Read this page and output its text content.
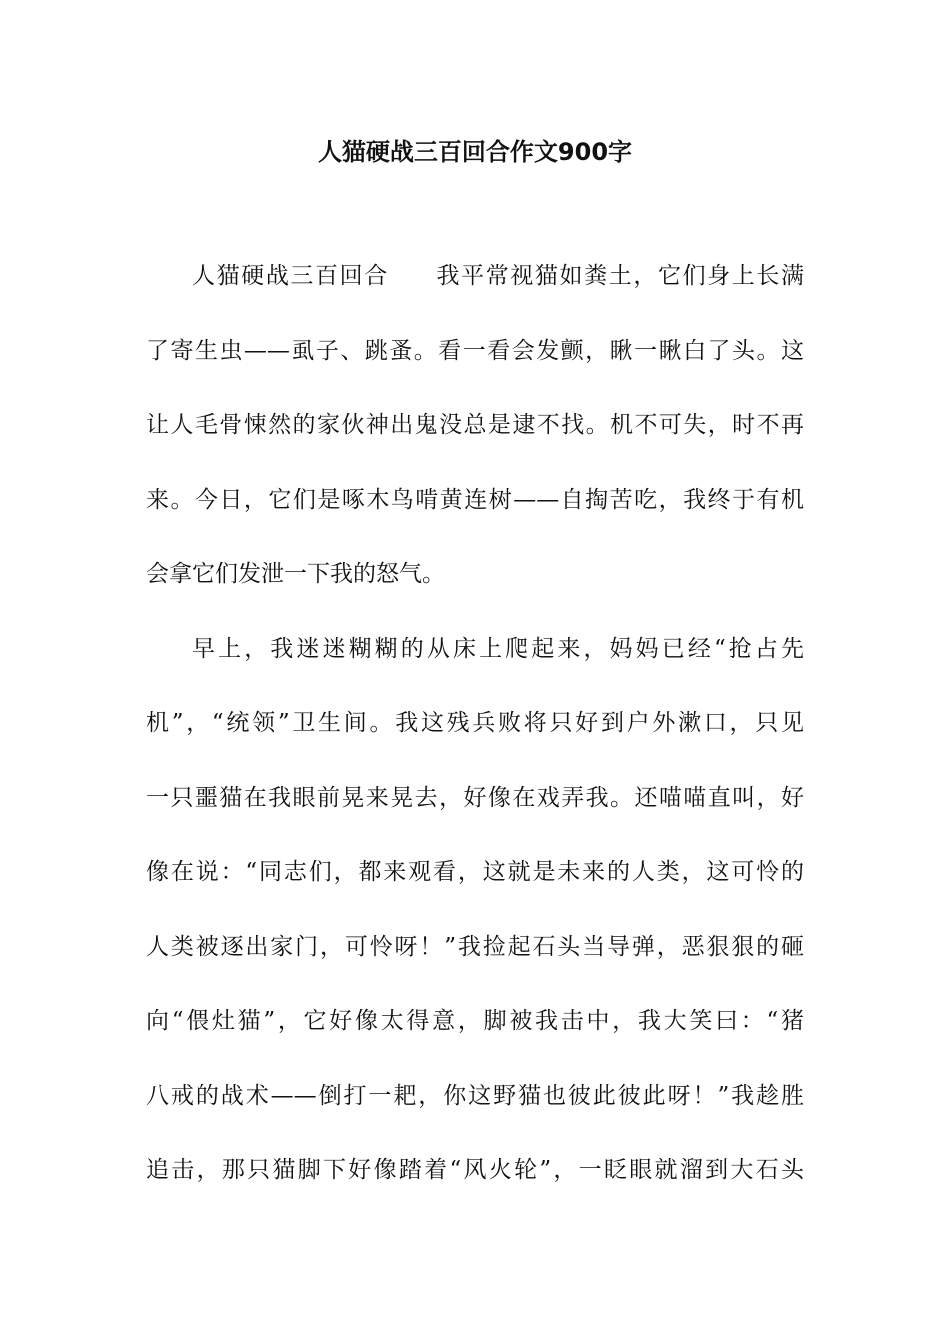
人猫硬战三百回合作文900字
人猫硬战三百回合 我平常视猫如粪土，它们身上长满
了寄生虫——虱子、跳蚤。看一看会发颤，瞅一瞅白了头。这
让人毛骨悚然的家伙神出鬼没总是逮不找。机不可失，时不再
来。今日，它们是啄木鸟啃黄连树——自掏苦吃，我终于有机
会拿它们发泄一下我的怒气。
早上，我迷迷糊糊的从床上爬起来，妈妈已经“抢占先
机”，“统领”卫生间。我这残兵败将只好到户外漱口，只见
一只噩猫在我眼前晃来晃去，好像在戏弄我。还喵喵直叫，好
像在说：“同志们，都来观看，这就是未来的人类，这可怜的
人类被逐出家门，可怜呀！”我捡起石头当导弹，恶狠狠的砸
向“偎灶猫”，它好像太得意，脚被我击中，我大笑曰：“猪
八戒的战术——倒打一耙，你这野猫也彼此彼此呀！”我趁胜
追击，那只猫脚下好像踏着“风火轮”，一眨眼就溜到大石头
